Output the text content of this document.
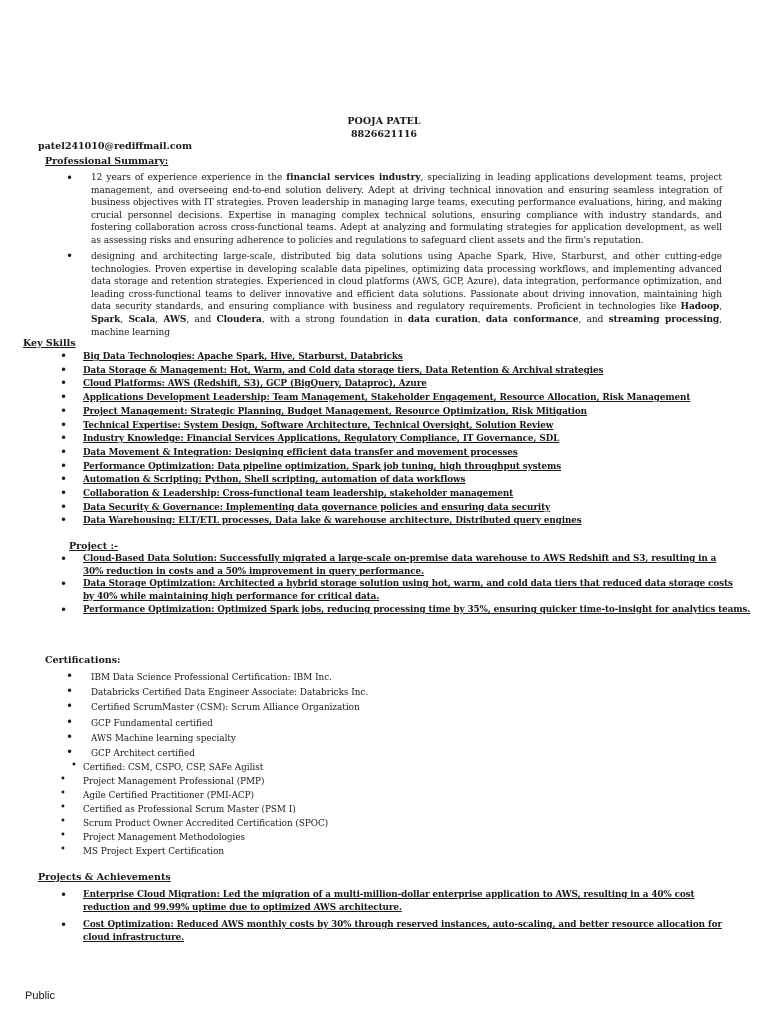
POOJA PATEL
8826621116
patel241010@rediffmail.com
Professional Summary:
• 12 years of experience experience in the financial services industry, specializing in leading applications development teams, project management, and overseeing end-to-end solution delivery. Adept at driving technical innovation and ensuring seamless integration of business objectives with IT strategies. Proven leadership in managing large teams, executing performance evaluations, hiring, and making crucial personnel decisions. Expertise in managing complex technical solutions, ensuring compliance with industry standards, and fostering collaboration across cross-functional teams. Adept at analyzing and formulating strategies for application development, as well as assessing risks and ensuring adherence to policies and regulations to safeguard client assets and the firm's reputation.
• designing and architecting large-scale, distributed big data solutions using Apache Spark, Hive, Starburst, and other cutting-edge technologies. Proven expertise in developing scalable data pipelines, optimizing data processing workflows, and implementing advanced data storage and retention strategies. Experienced in cloud platforms (AWS, GCP, Azure), data integration, performance optimization, and leading cross-functional teams to deliver innovative and efficient data solutions. Passionate about driving innovation, maintaining high data security standards, and ensuring compliance with business and regulatory requirements. Proficient in technologies like Hadoop, Spark, Scala, AWS, and Cloudera, with a strong foundation in data curation, data conformance, and streaming processing, machine learning
Key Skills
• Big Data Technologies: Apache Spark, Hive, Starburst, Databricks
• Data Storage & Management: Hot, Warm, and Cold data storage tiers, Data Retention & Archival strategies
• Cloud Platforms: AWS (Redshift, S3), GCP (BigQuery, Dataproc), Azure
• Applications Development Leadership: Team Management, Stakeholder Engagement, Resource Allocation, Risk Management
• Project Management: Strategic Planning, Budget Management, Resource Optimization, Risk Mitigation
• Technical Expertise: System Design, Software Architecture, Technical Oversight, Solution Review
• Industry Knowledge: Financial Services Applications, Regulatory Compliance, IT Governance, SDL
• Data Movement & Integration: Designing efficient data transfer and movement processes
• Performance Optimization: Data pipeline optimization, Spark job tuning, high throughput systems
• Automation & Scripting: Python, Shell scripting, automation of data workflows
• Collaboration & Leadership: Cross-functional team leadership, stakeholder management
• Data Security & Governance: Implementing data governance policies and ensuring data security
• Data Warehousing: ELT/ETL processes, Data lake & warehouse architecture, Distributed query engines
Project :-
• Cloud-Based Data Solution: Successfully migrated a large-scale on-premise data warehouse to AWS Redshift and S3, resulting in a 30% reduction in costs and a 50% improvement in query performance.
• Data Storage Optimization: Architected a hybrid storage solution using hot, warm, and cold data tiers that reduced data storage costs by 40% while maintaining high performance for critical data.
• Performance Optimization: Optimized Spark jobs, reducing processing time by 35%, ensuring quicker time-to-insight for analytics teams.
Certifications:
• IBM Data Science Professional Certification: IBM Inc.
• Databricks Certified Data Engineer Associate: Databricks Inc.
• Certified ScrumMaster (CSM): Scrum Alliance Organization
• GCP Fundamental certified
• AWS Machine learning specialty
• GCP Architect certified
• Certified: CSM, CSPO, CSP, SAFe Agilist
• Project Management Professional (PMP)
• Agile Certified Practitioner (PMI-ACP)
• Certified as Professional Scrum Master (PSM I)
• Scrum Product Owner Accredited Certification (SPOC)
• Project Management Methodologies
• MS Project Expert Certification
Projects & Achievements
• Enterprise Cloud Migration: Led the migration of a multi-million-dollar enterprise application to AWS, resulting in a 40% cost reduction and 99.99% uptime due to optimized AWS architecture.
• Cost Optimization: Reduced AWS monthly costs by 30% through reserved instances, auto-scaling, and better resource allocation for cloud infrastructure.
Public
